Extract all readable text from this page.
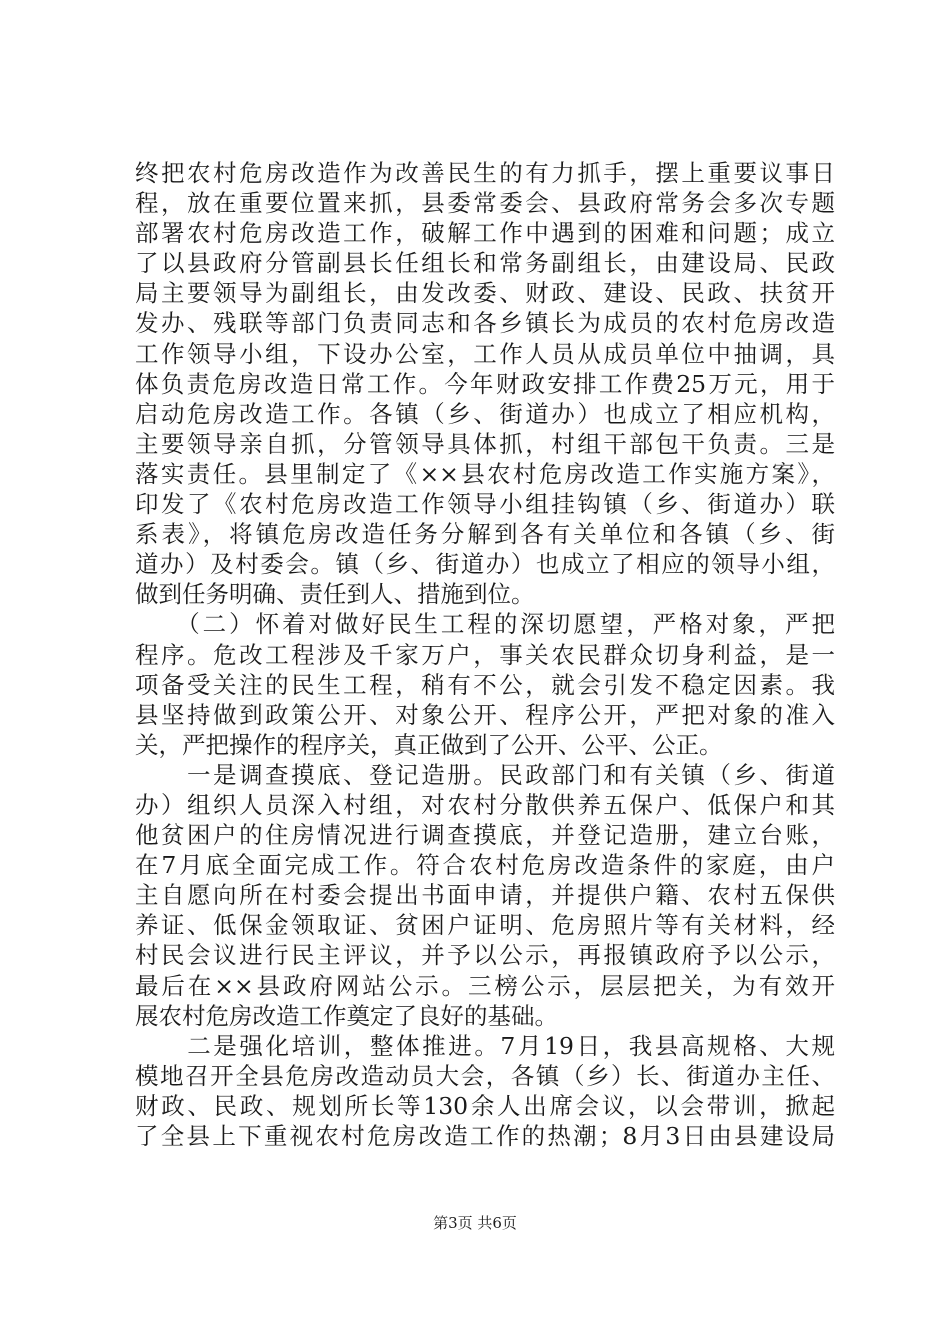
终把农村危房改造作为改善民生的有力抓手，摆上重要议事日
程，放在重要位置来抓，县委常委会、县政府常务会多次专题
部署农村危房改造工作，破解工作中遇到的困难和问题；成立
了以县政府分管副县长任组长和常务副组长，由建设局、民政
局主要领导为副组长，由发改委、财政、建设、民政、扶贫开
发办、残联等部门负责同志和各乡镇长为成员的农村危房改造
工作领导小组，下设办公室，工作人员从成员单位中抽调，具
体负责危房改造日常工作。今年财政安排工作费25万元，用于
启动危房改造工作。各镇（乡、街道办）也成立了相应机构，
主要领导亲自抓，分管领导具体抓，村组干部包干负责。三是
落实责任。县里制定了《××县农村危房改造工作实施方案》，
印发了《农村危房改造工作领导小组挂钩镇（乡、街道办）联
系表》，将镇危房改造任务分解到各有关单位和各镇（乡、街
道办）及村委会。镇（乡、街道办）也成立了相应的领导小组，
做到任务明确、责任到人、措施到位。
　　（二）怀着对做好民生工程的深切愿望，严格对象，严把
程序。危改工程涉及千家万户，事关农民群众切身利益，是一
项备受关注的民生工程，稍有不公，就会引发不稳定因素。我
县坚持做到政策公开、对象公开、程序公开，严把对象的准入
关，严把操作的程序关，真正做到了公开、公平、公正。
　　一是调查摸底、登记造册。民政部门和有关镇（乡、街道
办）组织人员深入村组，对农村分散供养五保户、低保户和其
他贫困户的住房情况进行调查摸底，并登记造册，建立台账，
在7月底全面完成工作。符合农村危房改造条件的家庭，由户
主自愿向所在村委会提出书面申请，并提供户籍、农村五保供
养证、低保金领取证、贫困户证明、危房照片等有关材料，经
村民会议进行民主评议，并予以公示，再报镇政府予以公示，
最后在××县政府网站公示。三榜公示，层层把关，为有效开
展农村危房改造工作奠定了良好的基础。
　　二是强化培训，整体推进。7月19日，我县高规格、大规
模地召开全县危房改造动员大会，各镇（乡）长、街道办主任、
财政、民政、规划所长等130余人出席会议，以会带训，掀起
了全县上下重视农村危房改造工作的热潮；8月3日由县建设局
第3页 共6页
